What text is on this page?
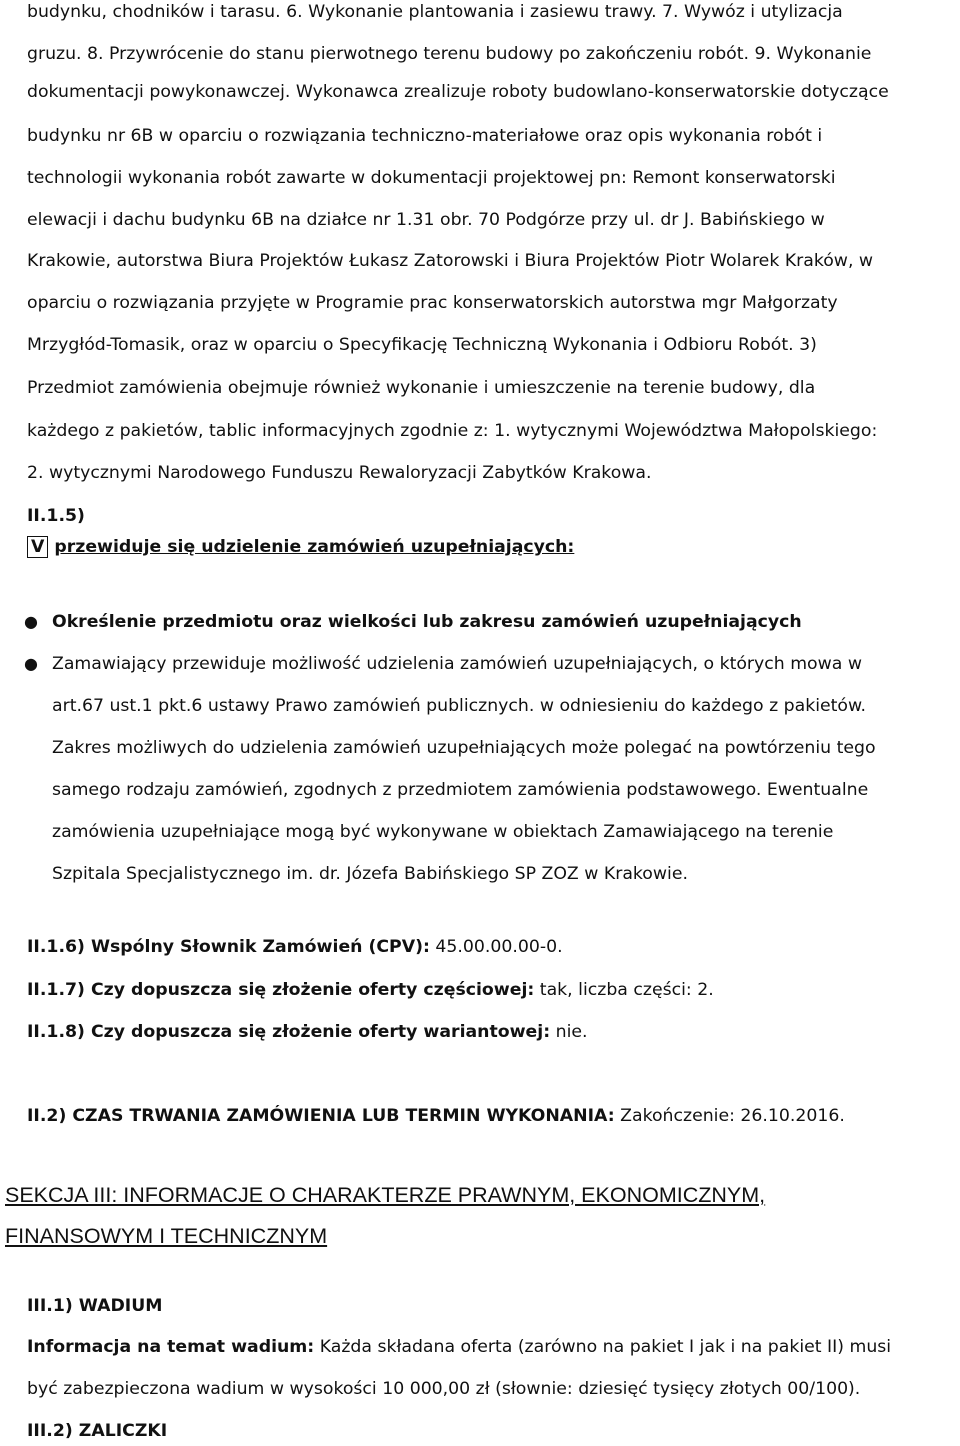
budynku, chodników i tarasu. 6. Wykonanie plantowania i zasiewu trawy. 7. Wywóz i utylizacja
gruzu. 8. Przywrócenie do stanu pierwotnego terenu budowy po zakończeniu robót. 9. Wykonanie
dokumentacji powykonawczej. Wykonawca zrealizuje roboty budowlano-konserwatorskie dotyczące
budynku nr 6B w oparciu o rozwiązania techniczno-materiałowe oraz opis wykonania robót i
technologii wykonania robót zawarte w dokumentacji projektowej pn: Remont konserwatorski
elewacji i dachu budynku 6B na działce nr 1.31 obr. 70 Podgórze przy ul. dr J. Babińskiego w
Krakowie, autorstwa Biura Projektów Łukasz Zatorowski i Biura Projektów Piotr Wolarek Kraków, w
oparciu o rozwiązania przyjęte w Programie prac konserwatorskich autorstwa mgr Małgorzaty
Mrzygłód-Tomasik, oraz w oparciu o Specyfikację Techniczną Wykonania i Odbioru Robót. 3)
Przedmiot zamówienia obejmuje również wykonanie i umieszczenie na terenie budowy, dla
każdego z pakietów, tablic informacyjnych zgodnie z: 1. wytycznymi Województwa Małopolskiego:
2. wytycznymi Narodowego Funduszu Rewaloryzacji Zabytków Krakowa.
II.1.5)
V przewiduje się udzielenie zamówień uzupełniających:
● Określenie przedmiotu oraz wielkości lub zakresu zamówień uzupełniających
● Zamawiający przewiduje możliwość udzielenia zamówień uzupełniających, o których mowa w
art.67 ust.1 pkt.6 ustawy Prawo zamówień publicznych. w odniesieniu do każdego z pakietów.
Zakres możliwych do udzielenia zamówień uzupełniających może polegać na powtórzeniu tego
samego rodzaju zamówień, zgodnych z przedmiotem zamówienia podstawowego. Ewentualne
zamówienia uzupełniające mogą być wykonywane w obiektach Zamawiającego na terenie
Szpitala Specjalistycznego im. dr. Józefa Babińskiego SP ZOZ w Krakowie.
II.1.6) Wspólny Słownik Zamówień (CPV): 45.00.00.00-0.
II.1.7) Czy dopuszcza się złożenie oferty częściowej: tak, liczba części: 2.
II.1.8) Czy dopuszcza się złożenie oferty wariantowej: nie.
II.2) CZAS TRWANIA ZAMÓWIENIA LUB TERMIN WYKONANIA: Zakończenie: 26.10.2016.
SEKCJA III: INFORMACJE O CHARAKTERZE PRAWNYM, EKONOMICZNYM,
FINANSOWYM I TECHNICZNYM
III.1) WADIUM
Informacja na temat wadium: Każda składana oferta (zarówno na pakiet I jak i na pakiet II) musi
być zabezpieczona wadium w wysokości 10 000,00 zł (słownie: dziesięć tysięcy złotych 00/100).
III.2) ZALICZKI
